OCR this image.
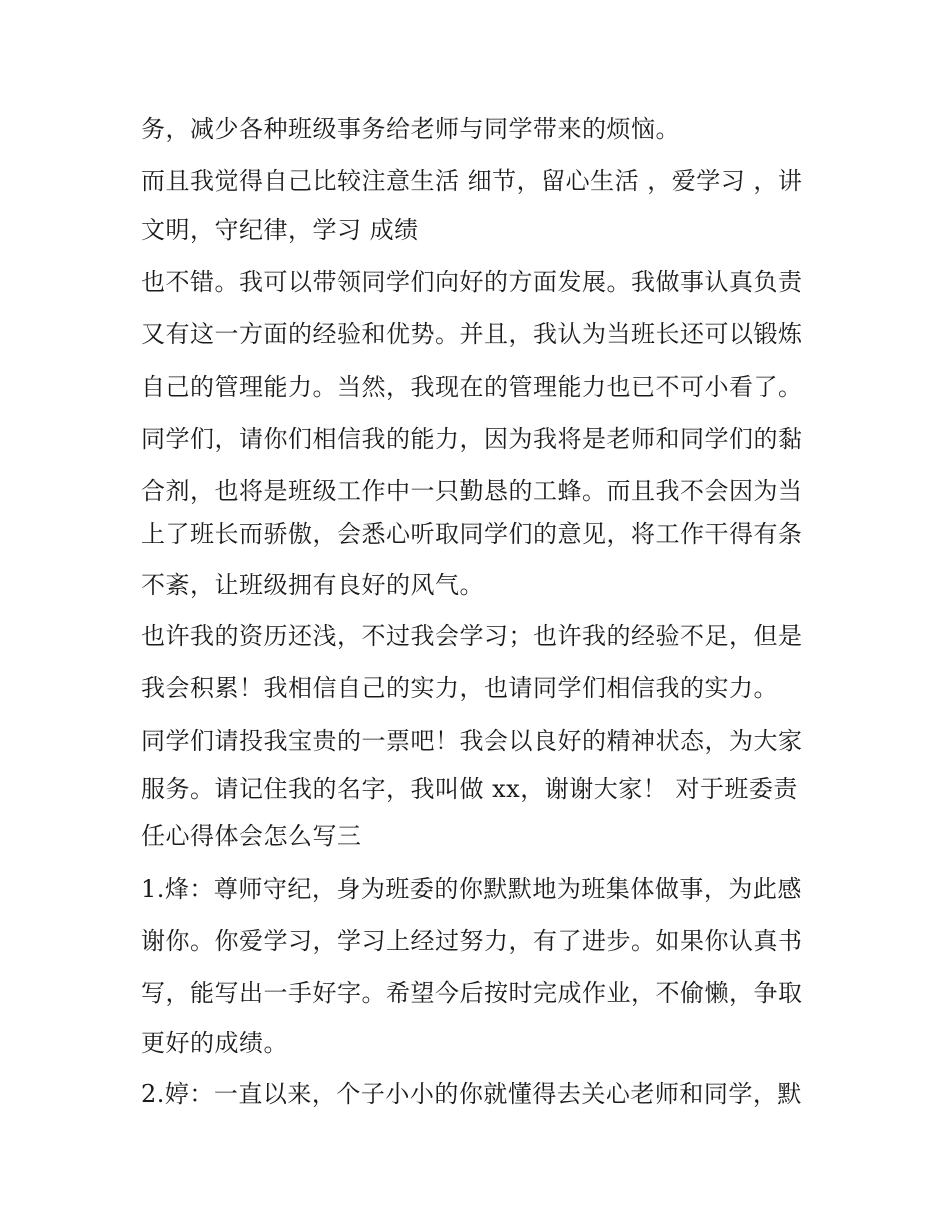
务，减少各种班级事务给老师与同学带来的烦恼。
而且我觉得自己比较注意生活 细节，留心生活 ，爱学习 ，讲
文明，守纪律，学习 成绩
也不错。我可以带领同学们向好的方面发展。我做事认真负责
又有这一方面的经验和优势。并且，我认为当班长还可以锻炼
自己的管理能力。当然，我现在的管理能力也已不可小看了。
同学们，请你们相信我的能力，因为我将是老师和同学们的黏
合剂，也将是班级工作中一只勤恳的工蜂。而且我不会因为当
上了班长而骄傲，会悉心听取同学们的意见，将工作干得有条
不紊，让班级拥有良好的风气。
也许我的资历还浅，不过我会学习；也许我的经验不足，但是
我会积累！我相信自己的实力，也请同学们相信我的实力。
同学们请投我宝贵的一票吧！我会以良好的精神状态，为大家
服务。请记住我的名字，我叫做 xx，谢谢大家！ 对于班委责
任心得体会怎么写三
1.烽：尊师守纪，身为班委的你默默地为班集体做事，为此感
谢你。你爱学习，学习上经过努力，有了进步。如果你认真书
写，能写出一手好字。希望今后按时完成作业，不偷懒，争取
更好的成绩。
2.婷：一直以来，个子小小的你就懂得去关心老师和同学，默
